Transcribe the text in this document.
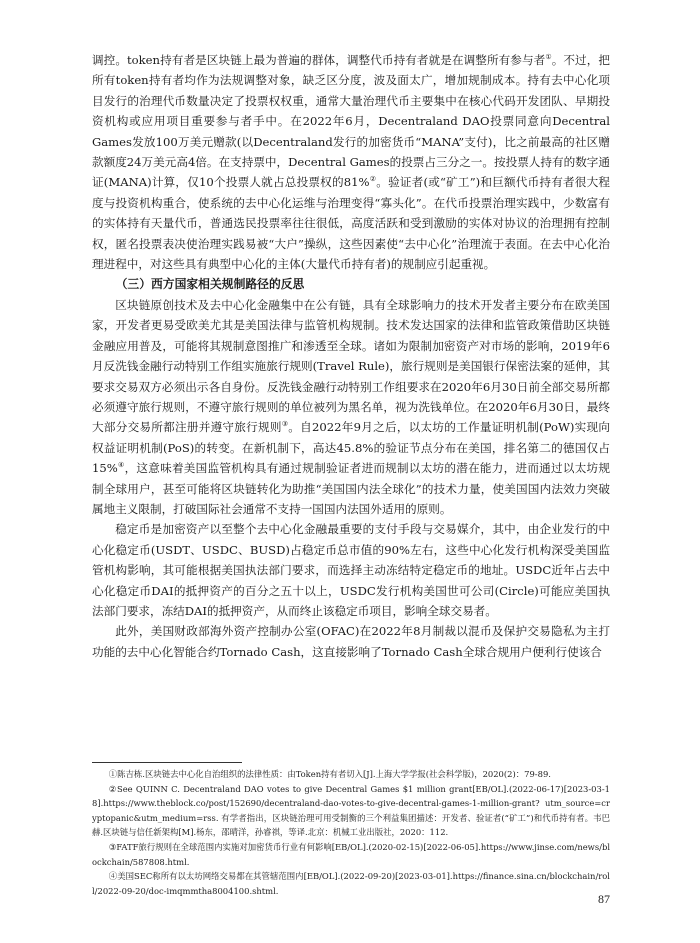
调控。token持有者是区块链上最为普遍的群体，调整代币持有者就是在调整所有参与者①。不过，把所有token持有者均作为法规调整对象，缺乏区分度，波及面太广，增加规制成本。持有去中心化项目发行的治理代币数量决定了投票权权重，通常大量治理代币主要集中在核心代码开发团队、早期投资机构或应用项目重要参与者手中。在2022年6月，Decentraland DAO投票同意向Decentral Games发放100万美元赠款(以Decentraland发行的加密货币“MANA”支付)，比之前最高的社区赠款额度24万美元高4倍。在支持票中，Decentral Games的投票占三分之一。按投票人持有的数字通证(MANA)计算，仅10个投票人就占总投票权的81%②。验证者(或“矿工”)和巨额代币持有者很大程度与投资机构重合，使系统的去中心化运维与治理变得“寡头化”。在代币投票治理实践中，少数富有的实体持有天量代币，普通选民投票率往往很低，高度活跃和受到激励的实体对协议的治理拥有控制权，匿名投票表决使治理实践易被“大户”操纵，这些因素使“去中心化”治理流于表面。在去中心化治理进程中，对这些具有典型中心化的主体(大量代币持有者)的规制应引起重视。

（三）西方国家相关规制路径的反思

区块链原创技术及去中心化金融集中在公有链，具有全球影响力的技术开发者主要分布在欧美国家，开发者更易受欧美尤其是美国法律与监管机构规制。技术发达国家的法律和监管政策借助区块链金融应用普及，可能将其规制意图推广和渗透至全球。诸如为限制加密资产对市场的影响，2019年6月反洗钱金融行动特别工作组实施旅行规则(Travel Rule)，旅行规则是美国银行保密法案的延伸，其要求交易双方必须出示各自身份。反洗钱金融行动特别工作组要求在2020年6月30日前全部交易所都必须遵守旅行规则，不遵守旅行规则的单位被列为黑名单，视为洗钱单位。在2020年6月30日，最终大部分交易所都注册并遵守旅行规则③。自2022年9月之后，以太坊的工作量证明机制(PoW)实现向权益证明机制(PoS)的转变。在新机制下，高达45.8%的验证节点分布在美国，排名第二的德国仅占15%④，这意味着美国监管机构具有通过规制验证者进而规制以太坊的潜在能力，进而通过以太坊规制全球用户，甚至可能将区块链转化为助推“美国国内法全球化”的技术力量，使美国国内法效力突破属地主义限制，打破国际社会通常不支持一国国内法国外适用的原则。

稳定币是加密资产以至整个去中心化金融最重要的支付手段与交易媒介，其中，由企业发行的中心化稳定币(USDT、USDC、BUSD)占稳定币总市值的90%左右，这些中心化发行机构深受美国监管机构影响，其可能根据美国执法部门要求，而选择主动冻结特定稳定币的地址。USDC近年占去中心化稳定币DAI的抵押资产的百分之五十以上，USDC发行机构美国世可公司(Circle)可能应美国执法部门要求，冻结DAI的抵押资产，从而终止该稳定币项目，影响全球交易者。

此外，美国财政部海外资产控制办公室(OFAC)在2022年8月制裁以混币及保护交易隐私为主打功能的去中心化智能合约Tornado Cash，这直接影响了Tornado Cash全球合规用户便利行使该合

①陈吉栋.区块链去中心化自治组织的法律性质：由Token持有者切入[J].上海大学学报(社会科学版)，2020(2)：79-89.

②See QUINN C. Decentraland DAO votes to give Decentral Games $1 million grant[EB/OL].(2022-06-17)[2023-03-18].https://www.theblock.co/post/152690/decentraland-dao-votes-to-give-decentral-games-1-million-grant? utm_source=cryptopanic&utm_medium=rss. 有学者指出，区块链治理可用受制衡的三个利益集团描述：开发者、验证者(“矿工”)和代币持有者。韦巴赫.区块链与信任新架构[M].杨东，邵晴洋，孙睿祺，等译.北京：机械工业出版社，2020：112.

③FATF旅行规则在全球范围内实施对加密货币行业有何影响[EB/OL].(2020-02-15)[2022-06-05].https://www.jinse.com/news/blockchain/587808.html.

④美国SEC称所有以太坊网络交易都在其管辖范围内[EB/OL].(2022-09-20)[2023-03-01].https://finance.sina.cn/blockchain/roll/2022-09-20/doc-imqmmtha8004100.shtml.

87
